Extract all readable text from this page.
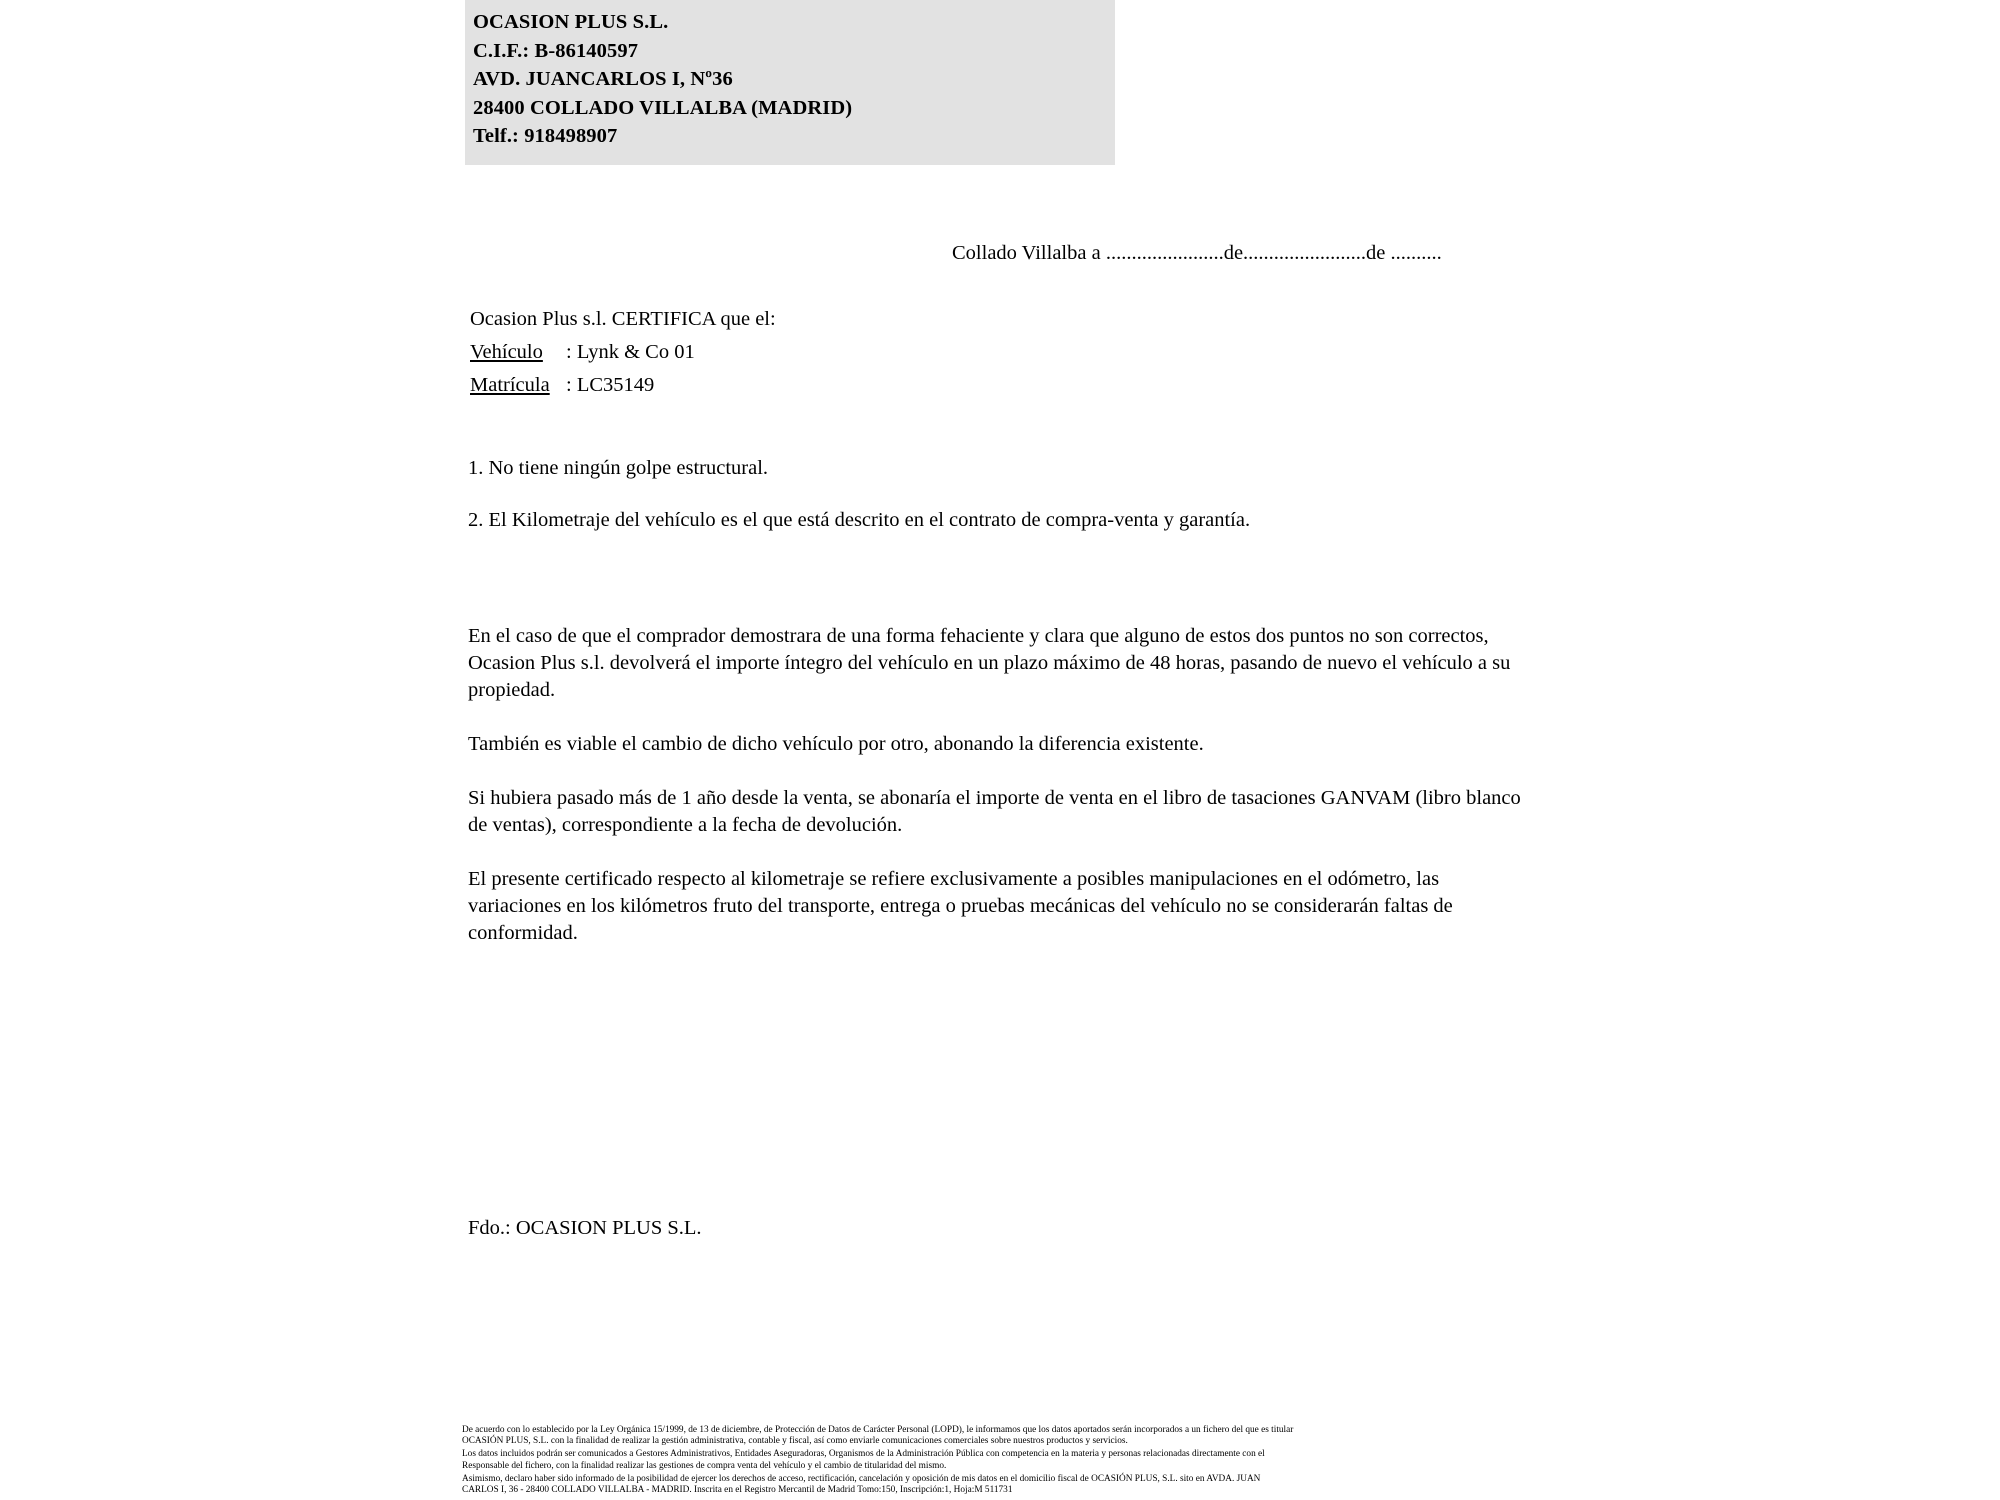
OCASION PLUS S.L.
C.I.F.: B-86140597
AVD. JUANCARLOS I, Nº36
28400 COLLADO VILLALBA (MADRID)
Telf.: 918498907
Collado Villalba a .......................de........................de ..........
Ocasion Plus s.l. CERTIFICA que el:
Vehículo : Lynk & Co 01
Matrícula : LC35149

1. No tiene ningún golpe estructural.

2. El Kilometraje del vehículo es el que está descrito en el contrato de compra-venta y garantía.

En el caso de que el comprador demostrara de una forma fehaciente y clara que alguno de estos dos puntos no son correctos, Ocasion Plus s.l. devolverá el importe íntegro del vehículo en un plazo máximo de 48 horas, pasando de nuevo el vehículo a su propiedad.

También es viable el cambio de dicho vehículo por otro, abonando la diferencia existente.

Si hubiera pasado más de 1 año desde la venta, se abonaría el importe de venta en el libro de tasaciones GANVAM (libro blanco de ventas), correspondiente a la fecha de devolución.

El presente certificado respecto al kilometraje se refiere exclusivamente a posibles manipulaciones en el odómetro, las variaciones en los kilómetros fruto del transporte, entrega o pruebas mecánicas del vehículo no se considerarán faltas de conformidad.

Fdo.: OCASION PLUS S.L.

De acuerdo con lo establecido por la Ley Orgánica 15/1999, de 13 de diciembre, de Protección de Datos de Carácter Personal (LOPD), le informamos que los datos aportados serán incorporados a un fichero del que es titular

OCASIÓN PLUS, S.L. con la finalidad de realizar la gestión administrativa, contable y fiscal, así como enviarle comunicaciones comerciales sobre nuestros productos y servicios.

Los datos incluidos podrán ser comunicados a Gestores Administrativos, Entidades Aseguradoras, Organismos de la Administración Pública con competencia en la materia y personas relacionadas directamente con el

Responsable del fichero, con la finalidad realizar las gestiones de compra venta del vehículo y el cambio de titularidad del mismo.

Asimismo, declaro haber sido informado de la posibilidad de ejercer los derechos de acceso, rectificación, cancelación y oposición de mis datos en el domicilio fiscal de OCASIÓN PLUS, S.L. sito en AVDA. JUAN

CARLOS I, 36 - 28400 COLLADO VILLALBA - MADRID. Inscrita en el Registro Mercantil de Madrid Tomo:150, Inscripción:1, Hoja:M 511731
